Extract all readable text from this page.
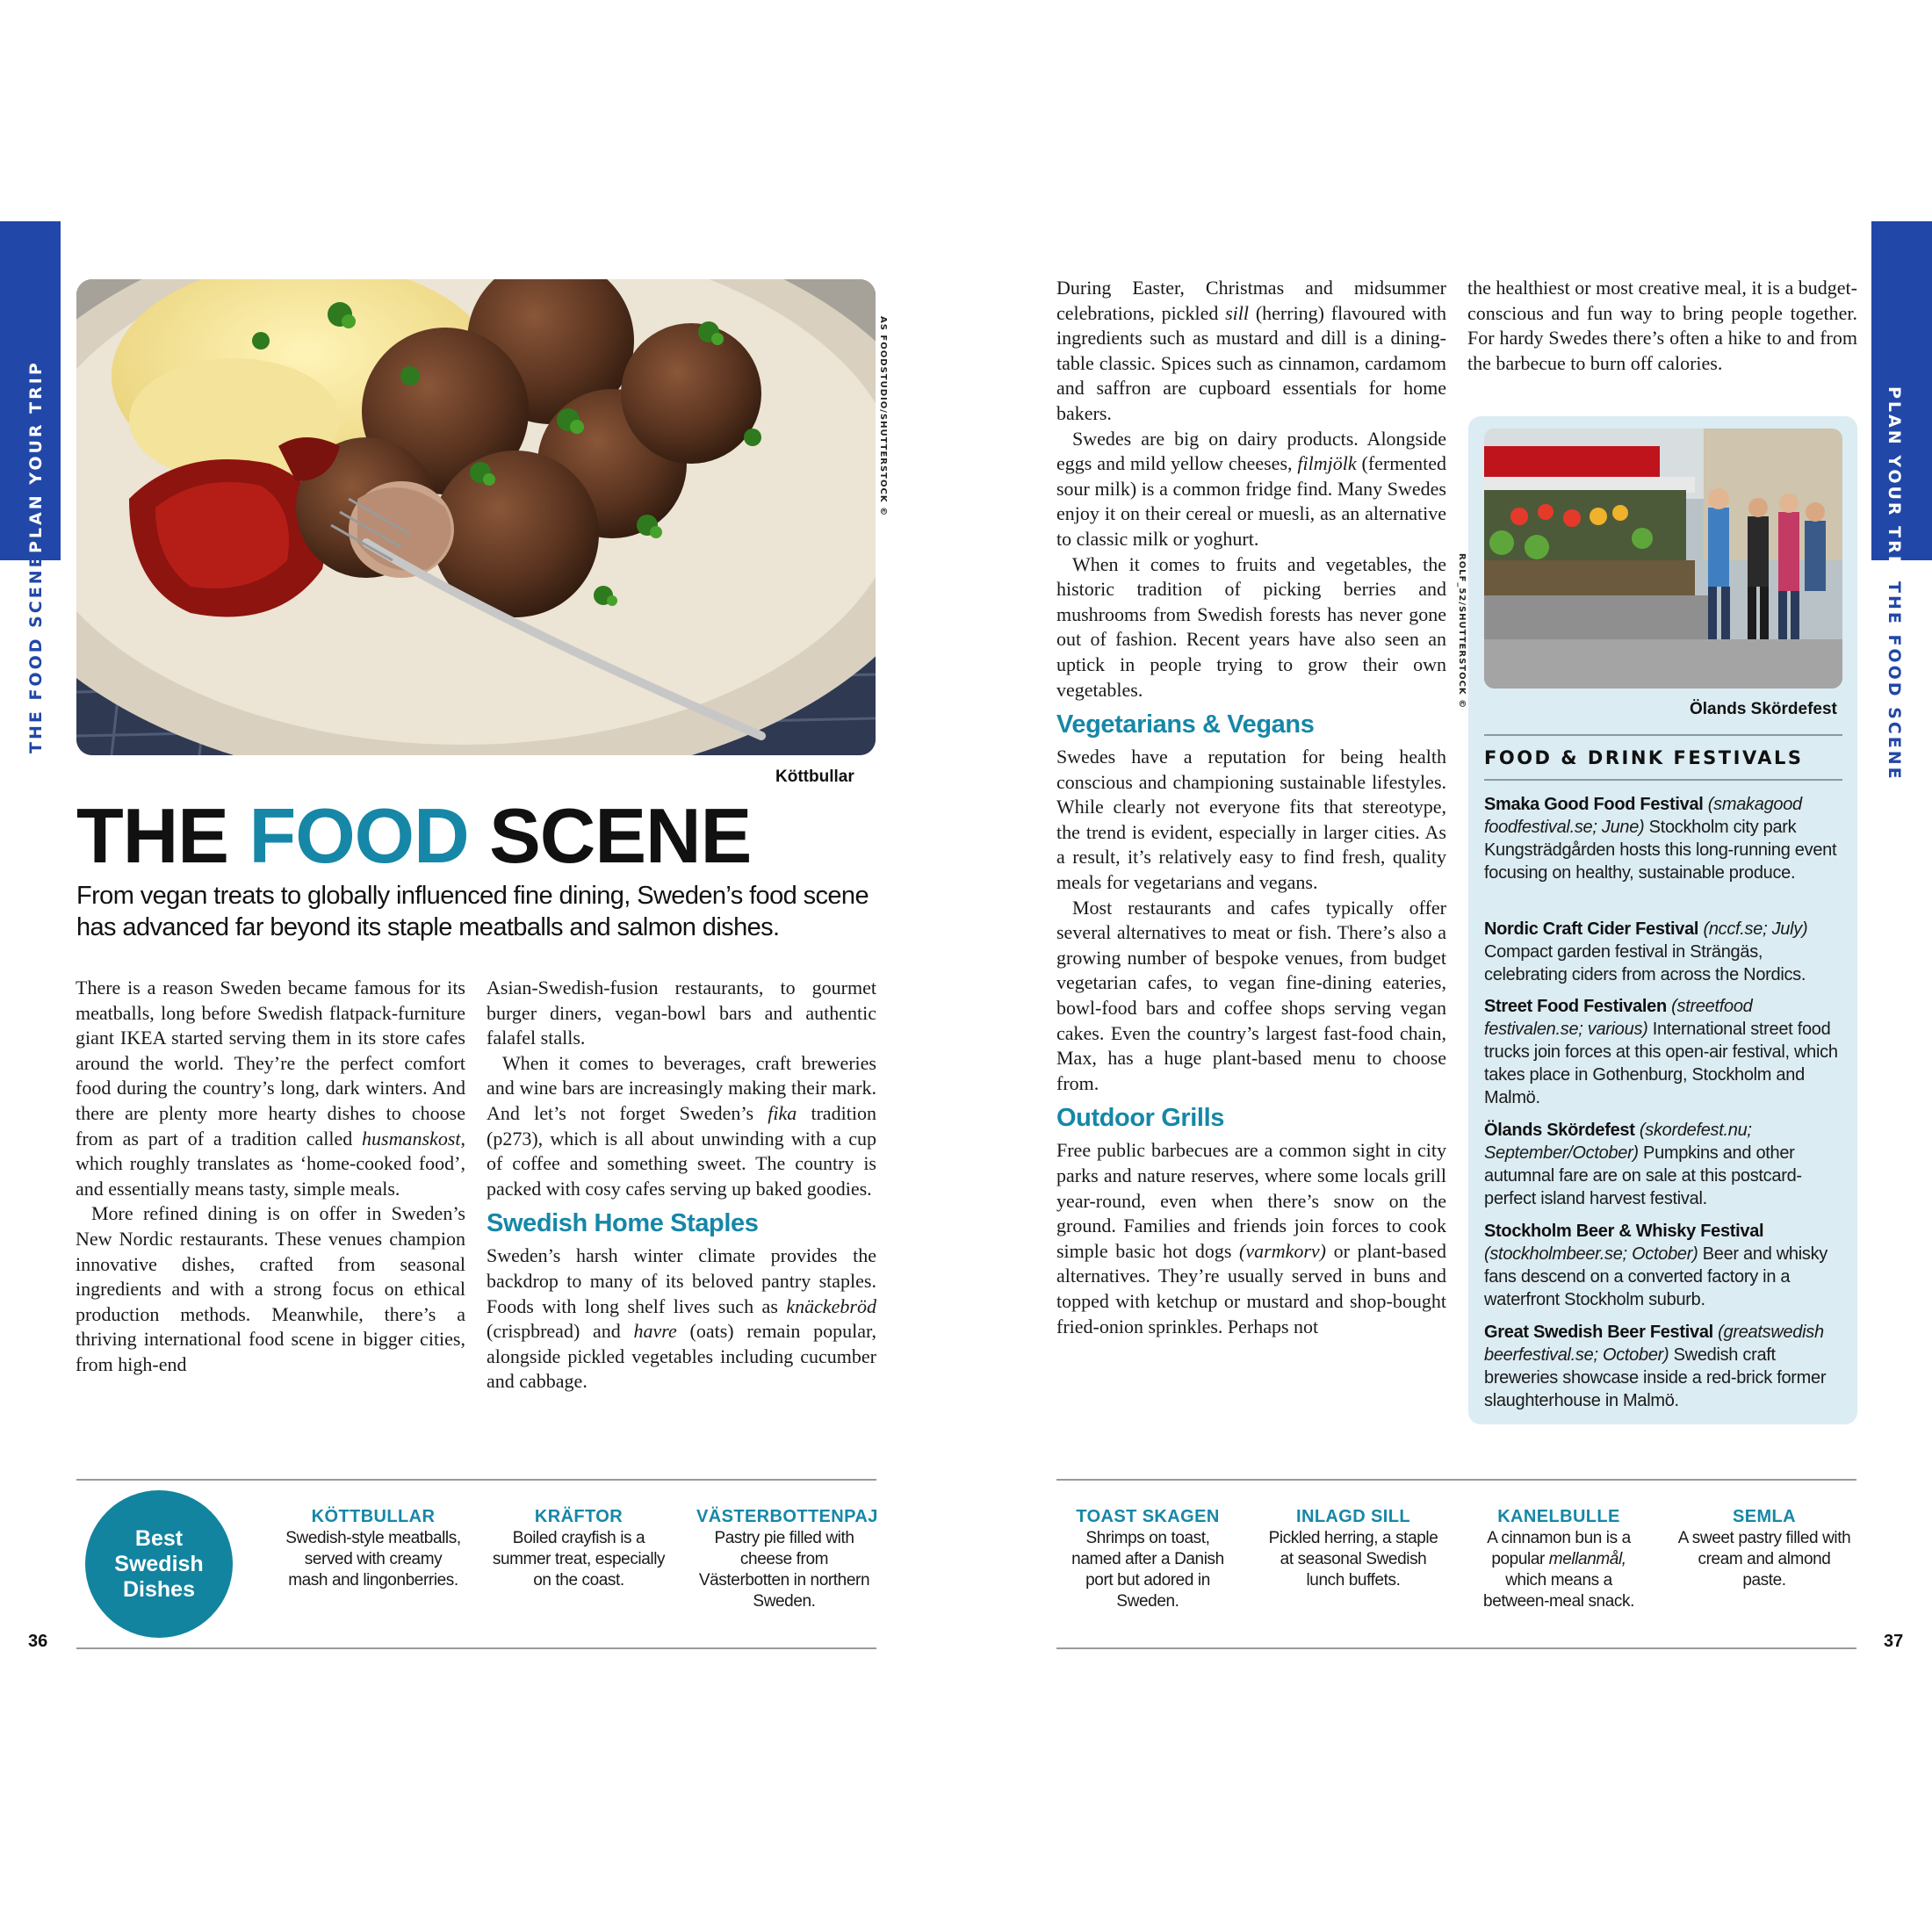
PLAN YOUR TRIP
THE FOOD SCENE
PLAN YOUR TRIP
THE FOOD SCENE
AS FOODSTUDIO/SHUTTERSTOCK ©
Köttbullar
THE FOOD SCENE
From vegan treats to globally influenced fine dining, Sweden’s food scene has advanced far beyond its staple meatballs and salmon dishes.

There is a reason Sweden became famous for its meatballs, long before Swedish flatpack-furniture giant IKEA started serving them in its store cafes around the world. They’re the perfect comfort food during the country’s long, dark winters. And there are plenty more hearty dishes to choose from as part of a tradition called husmanskost, which roughly translates as ‘home-cooked food’, and essentially means tasty, simple meals.

More refined dining is on offer in Sweden’s New Nordic restaurants. These venues champion innovative dishes, crafted from seasonal ingredients and with a strong focus on ethical production methods. Meanwhile, there’s a thriving international food scene in bigger cities, from high-end

Asian-Swedish-fusion restaurants, to gourmet burger diners, vegan-bowl bars and authentic falafel stalls.

When it comes to beverages, craft breweries and wine bars are increasingly making their mark. And let’s not forget Sweden’s fika tradition (p273), which is all about unwinding with a cup of coffee and something sweet. The country is packed with cosy cafes serving up baked goodies.

Swedish Home Staples

Sweden’s harsh winter climate provides the backdrop to many of its beloved pantry staples. Foods with long shelf lives such as knäckebröd (crispbread) and havre (oats) remain popular, alongside pickled vegetables including cucumber and cabbage.

During Easter, Christmas and midsummer celebrations, pickled sill (herring) flavoured with ingredients such as mustard and dill is a dining-table classic. Spices such as cinnamon, cardamom and saffron are cupboard essentials for home bakers.

Swedes are big on dairy products. Alongside eggs and mild yellow cheeses, filmjölk (fermented sour milk) is a common fridge find. Many Swedes enjoy it on their cereal or muesli, as an alternative to classic milk or yoghurt.

When it comes to fruits and vegetables, the historic tradition of picking berries and mushrooms from Swedish forests has never gone out of fashion. Recent years have also seen an uptick in people trying to grow their own vegetables.

Vegetarians & Vegans

Swedes have a reputation for being health conscious and championing sustainable lifestyles. While clearly not everyone fits that stereotype, the trend is evident, especially in larger cities. As a result, it’s relatively easy to find fresh, quality meals for vegetarians and vegans.

Most restaurants and cafes typically offer several alternatives to meat or fish. There’s also a growing number of bespoke venues, from budget vegetarian cafes, to vegan fine-dining eateries, bowl-food bars and coffee shops serving vegan cakes. Even the country’s largest fast-food chain, Max, has a huge plant-based menu to choose from.

Outdoor Grills

Free public barbecues are a common sight in city parks and nature reserves, where some locals grill year-round, even when there’s snow on the ground. Families and friends join forces to cook simple basic hot dogs (varmkorv) or plant-based alternatives. They’re usually served in buns and topped with ketchup or mustard and shop-bought fried-onion sprinkles. Perhaps not

ROLF_52/SHUTTERSTOCK ©

the healthiest or most creative meal, it is a budget-conscious and fun way to bring people together. For hardy Swedes there’s often a hike to and from the barbecue to burn off calories.

Ölands Skördefest
FOOD & DRINK FESTIVALS
Smaka Good Food Festival (smakagood foodfestival.se; June) Stockholm city park Kungsträdgården hosts this long-running event focusing on healthy, sustainable produce.
Nordic Craft Cider Festival (nccf.se; July) Compact garden festival in Strängäs, celebrating ciders from across the Nordics.
Street Food Festivalen (streetfood festivalen.se; various) International street food trucks join forces at this open-air festival, which takes place in Gothenburg, Stockholm and Malmö.
Ölands Skördefest (skordefest.nu; September/October) Pumpkins and other autumnal fare are on sale at this postcard-perfect island harvest festival.
Stockholm Beer & Whisky Festival (stockholmbeer.se; October) Beer and whisky fans descend on a converted factory in a waterfront Stockholm suburb.
Great Swedish Beer Festival (greatswedish beerfestival.se; October) Swedish craft breweries showcase inside a red-brick former slaughterhouse in Malmö.
Best
Swedish
Dishes
KÖTTBULLAR
Swedish-style meatballs, served with creamy mash and lingonberries.
KRÄFTOR
Boiled crayfish is a summer treat, especially on the coast.
VÄSTERBOTTENPAJ
Pastry pie filled with cheese from Västerbotten in northern Sweden.
TOAST SKAGEN
Shrimps on toast, named after a Danish port but adored in Sweden.
INLAGD SILL
Pickled herring, a staple at seasonal Swedish lunch buffets.
KANELBULLE
A cinnamon bun is a popular mellanmål, which means a between-meal snack.
SEMLA
A sweet pastry filled with cream and almond paste.
36	37
